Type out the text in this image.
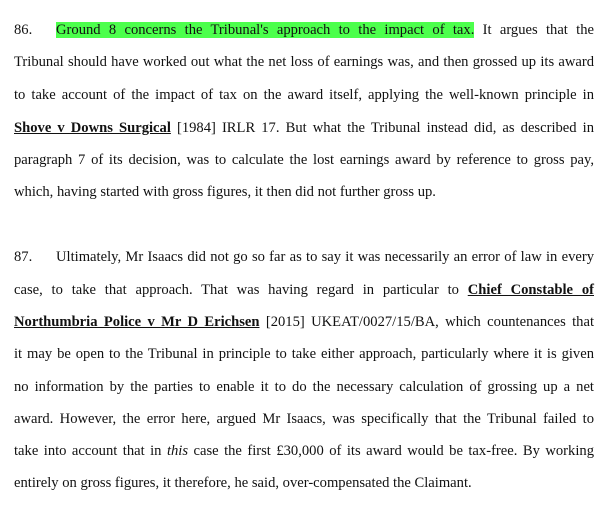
86. Ground 8 concerns the Tribunal's approach to the impact of tax. It argues that the
Tribunal should have worked out what the net loss of earnings was, and then grossed up its award
to take account of the impact of tax on the award itself, applying the well-known principle in
Shove v Downs Surgical [1984] IRLR 17. But what the Tribunal instead did, as described in
paragraph 7 of its decision, was to calculate the lost earnings award by reference to gross pay,
which, having started with gross figures, it then did not further gross up.
87. Ultimately, Mr Isaacs did not go so far as to say it was necessarily an error of law in every
case, to take that approach. That was having regard in particular to Chief Constable of
Northumbria Police v Mr D Erichsen [2015] UKEAT/0027/15/BA, which countenances that
it may be open to the Tribunal in principle to take either approach, particularly where it is given
no information by the parties to enable it to do the necessary calculation of grossing up a net
award. However, the error here, argued Mr Isaacs, was specifically that the Tribunal failed to
take into account that in this case the first £30,000 of its award would be tax-free. By working
entirely on gross figures, it therefore, he said, over-compensated the Claimant.
